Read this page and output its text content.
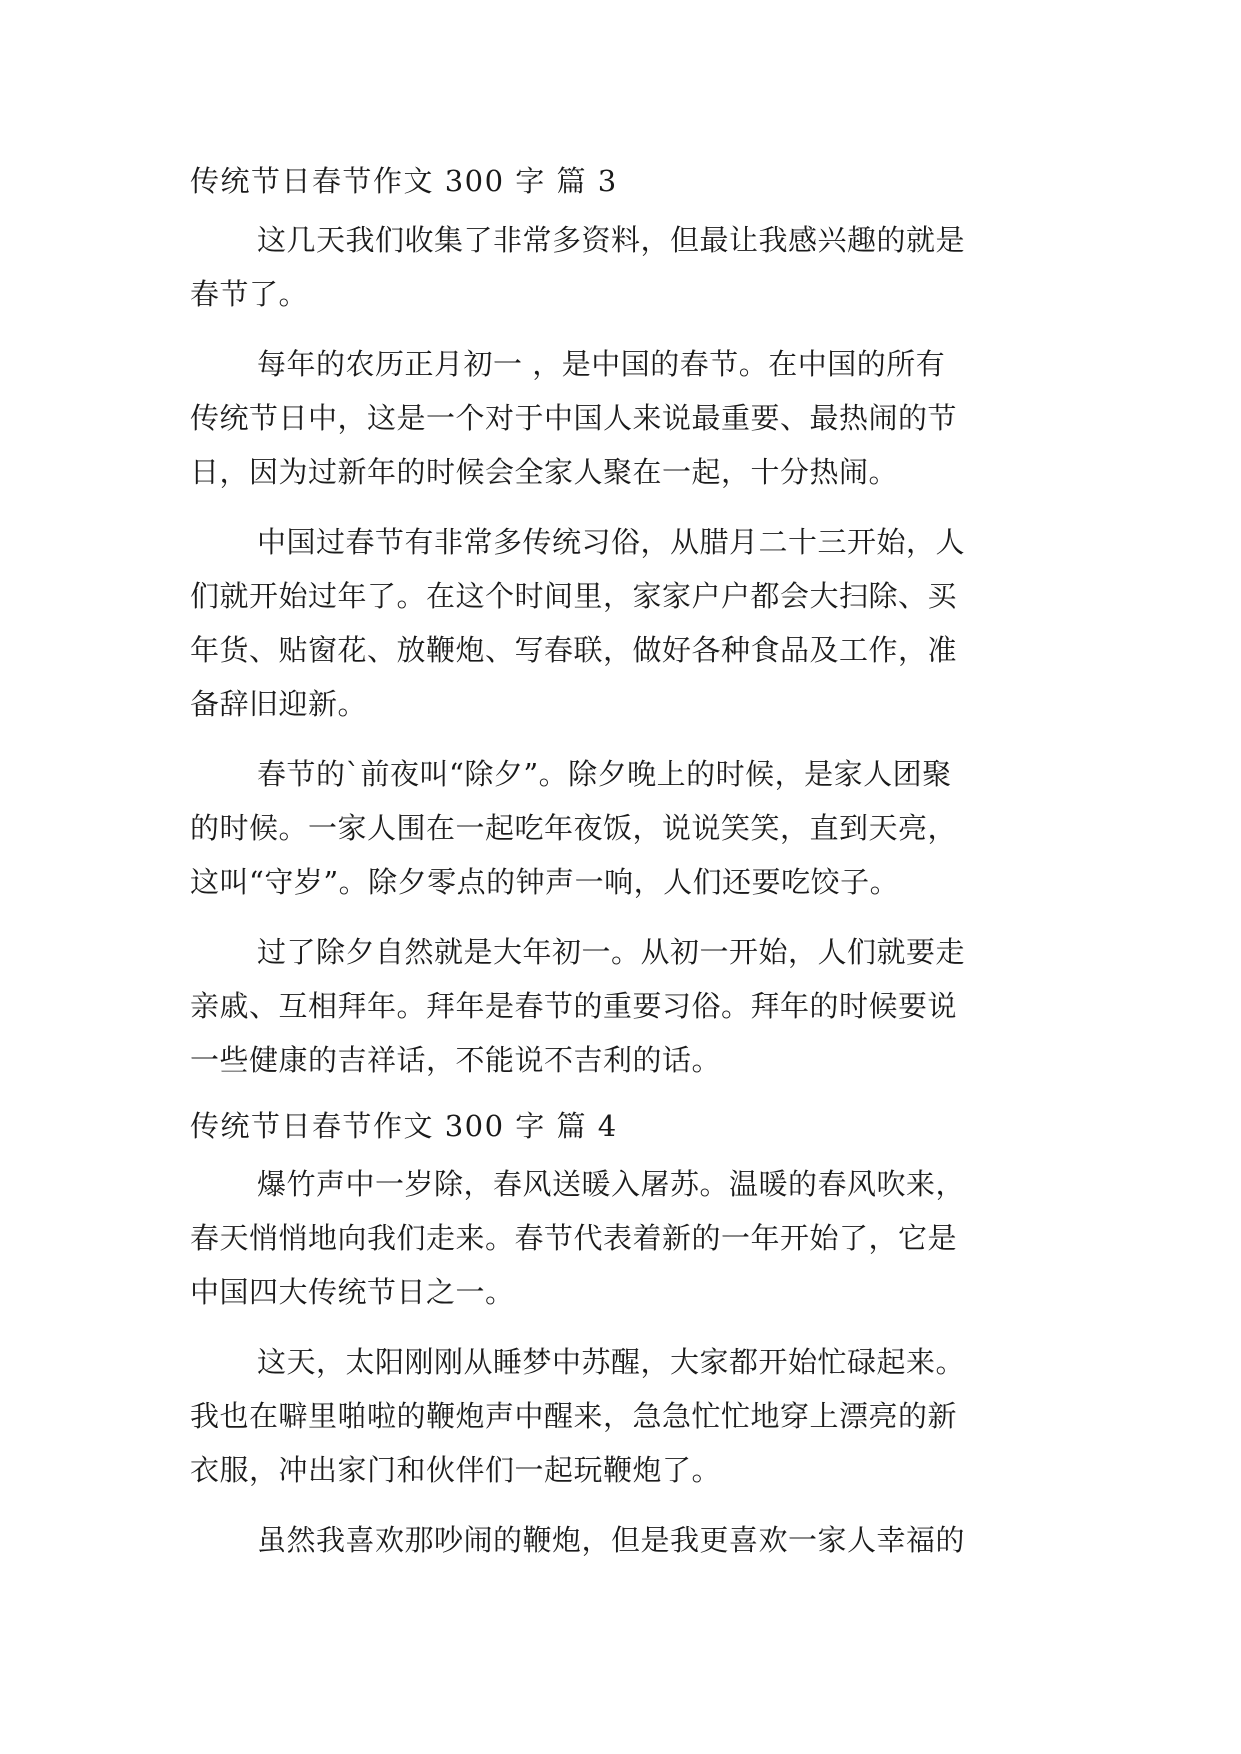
传统节日春节作文 300 字 篇 3
这几天我们收集了非常多资料，但最让我感兴趣的就是
春节了。
每年的农历正月初一 ，是中国的春节。在中国的所有
传统节日中，这是一个对于中国人来说最重要、最热闹的节
日，因为过新年的时候会全家人聚在一起，十分热闹。
中国过春节有非常多传统习俗，从腊月二十三开始，人
们就开始过年了。在这个时间里，家家户户都会大扫除、买
年货、贴窗花、放鞭炮、写春联，做好各种食品及工作，准
备辞旧迎新。
春节的`前夜叫“除夕”。除夕晚上的时候，是家人团聚
的时候。一家人围在一起吃年夜饭，说说笑笑，直到天亮，
这叫“守岁”。除夕零点的钟声一响，人们还要吃饺子。
过了除夕自然就是大年初一。从初一开始，人们就要走
亲戚、互相拜年。拜年是春节的重要习俗。拜年的时候要说
一些健康的吉祥话，不能说不吉利的话。
传统节日春节作文 300 字 篇 4
爆竹声中一岁除，春风送暖入屠苏。温暖的春风吹来，
春天悄悄地向我们走来。春节代表着新的一年开始了，它是
中国四大传统节日之一。
这天，太阳刚刚从睡梦中苏醒，大家都开始忙碌起来。
我也在噼里啪啦的鞭炮声中醒来，急急忙忙地穿上漂亮的新
衣服，冲出家门和伙伴们一起玩鞭炮了。
虽然我喜欢那吵闹的鞭炮，但是我更喜欢一家人幸福的
